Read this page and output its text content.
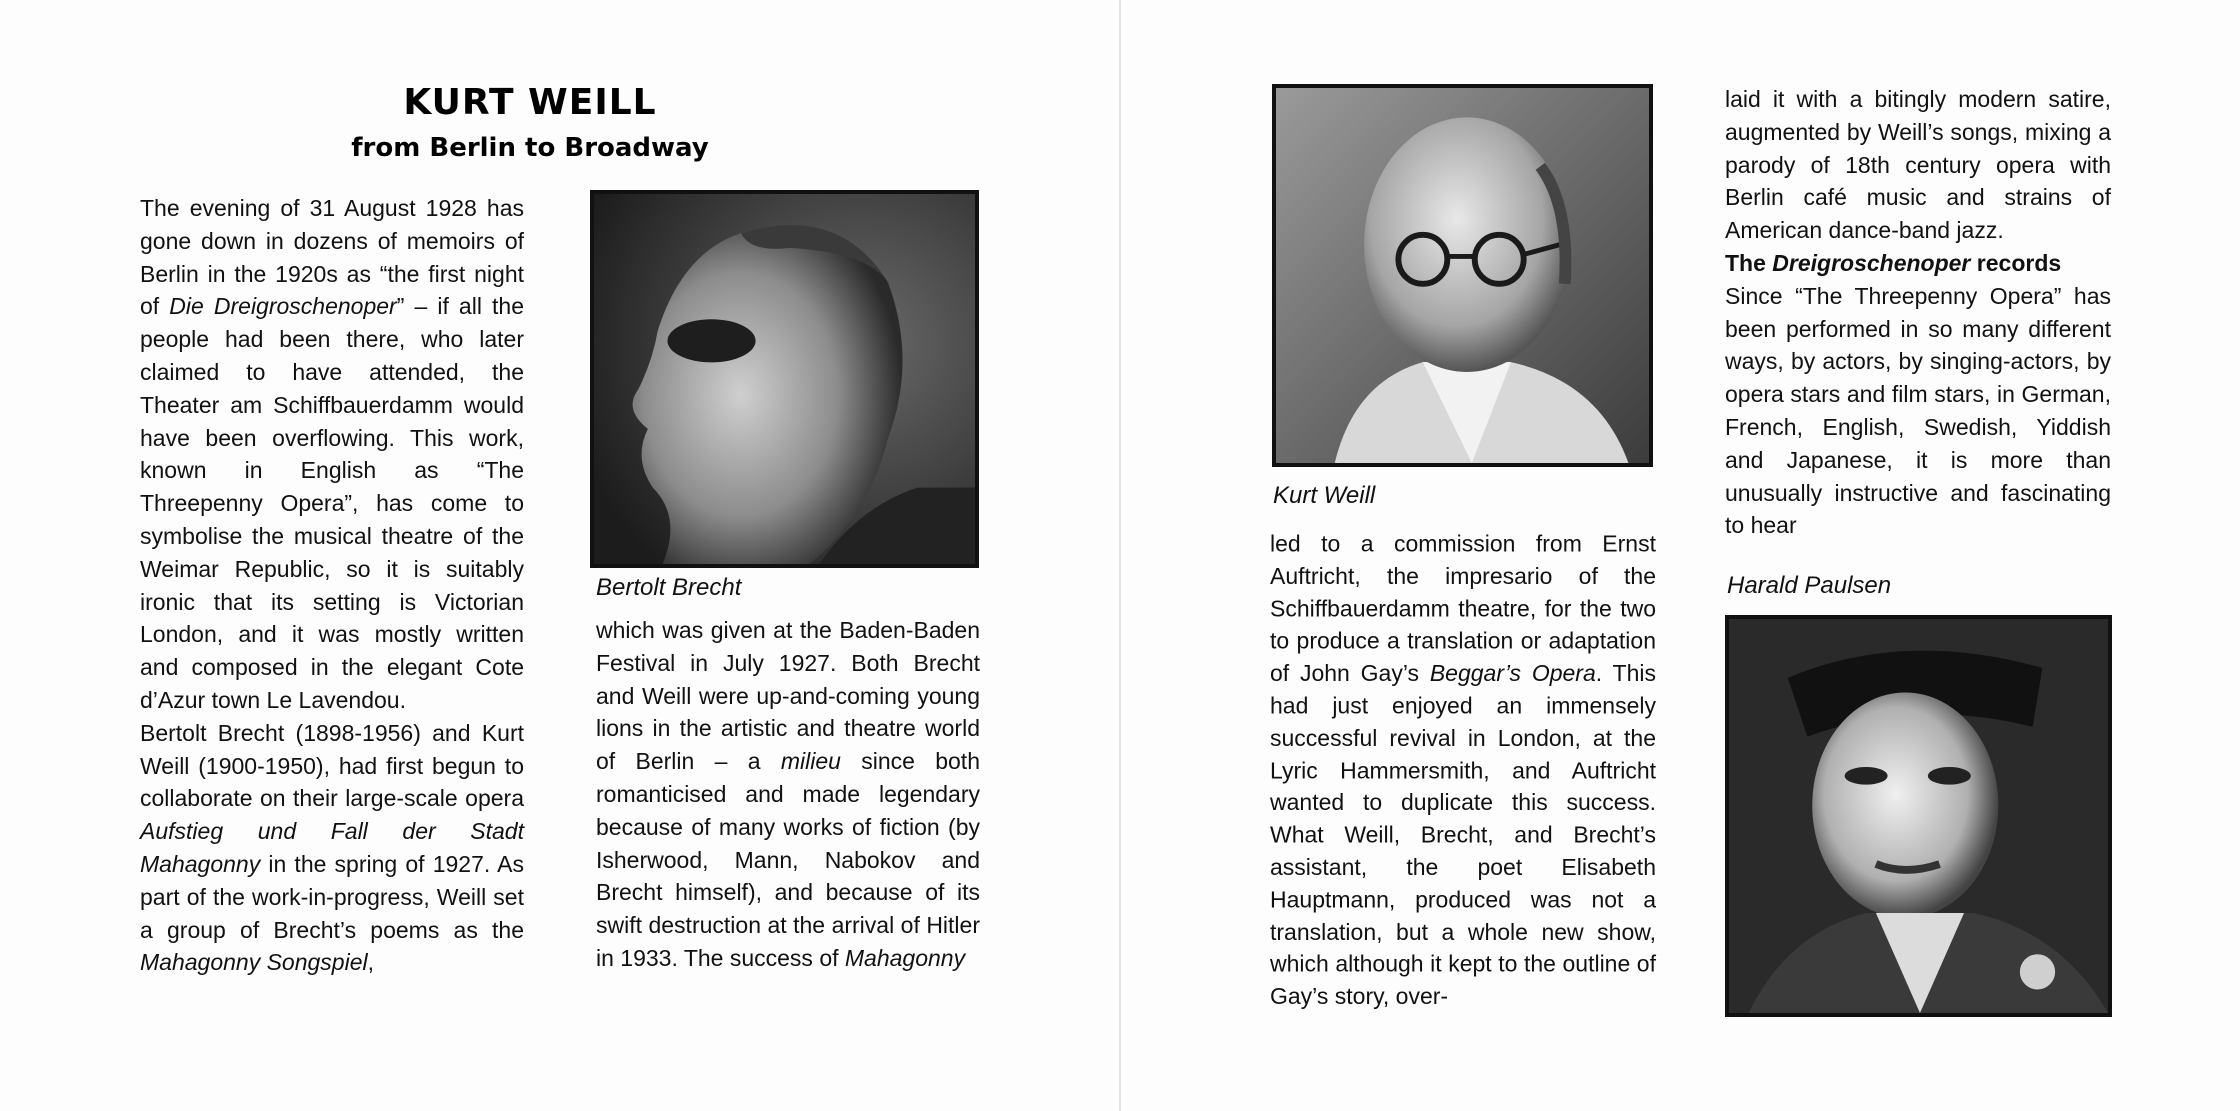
KURT WEILL
from Berlin to Broadway

The evening of 31 August 1928 has gone down in dozens of memoirs of Berlin in the 1920s as “the first night of Die Dreigroschenoper” – if all the people had been there, who later claimed to have attended, the Theater am Schiffbauerdamm would have been overflowing. This work, known in English as “The Threepenny Opera”, has come to symbolise the musical theatre of the Weimar Republic, so it is suitably ironic that its setting is Victorian London, and it was mostly written and composed in the elegant Cote d’Azur town Le Lavendou.

Bertolt Brecht (1898-1956) and Kurt Weill (1900-1950), had first begun to collaborate on their large-scale opera Aufstieg und Fall der Stadt Mahagonny in the spring of 1927. As part of the work-in-progress, Weill set a group of Brecht’s poems as the Mahagonny Songspiel,

Bertolt Brecht

which was given at the Baden-Baden Festival in July 1927. Both Brecht and Weill were up-and-coming young lions in the artistic and theatre world of Berlin – a milieu since both romanticised and made legendary because of many works of fiction (by Isherwood, Mann, Nabokov and Brecht himself), and because of its swift destruction at the arrival of Hitler in 1933. The success of Mahagonny

Kurt Weill

led to a commission from Ernst Auftricht, the impresario of the Schiffbauerdamm theatre, for the two to produce a translation or adaptation of John Gay’s Beggar’s Opera. This had just enjoyed an immensely successful revival in London, at the Lyric Hammersmith, and Auftricht wanted to duplicate this success. What Weill, Brecht, and Brecht’s assistant, the poet Elisabeth Hauptmann, produced was not a translation, but a whole new show, which although it kept to the outline of Gay’s story, over-

laid it with a bitingly modern satire, augmented by Weill’s songs, mixing a parody of 18th century opera with Berlin café music and strains of American dance-band jazz.

The Dreigroschenoper records

Since “The Threepenny Opera” has been performed in so many different ways, by actors, by singing-actors, by opera stars and film stars, in German, French, English, Swedish, Yiddish and Japanese, it is more than unusually instructive and fascinating to hear

Harald Paulsen
